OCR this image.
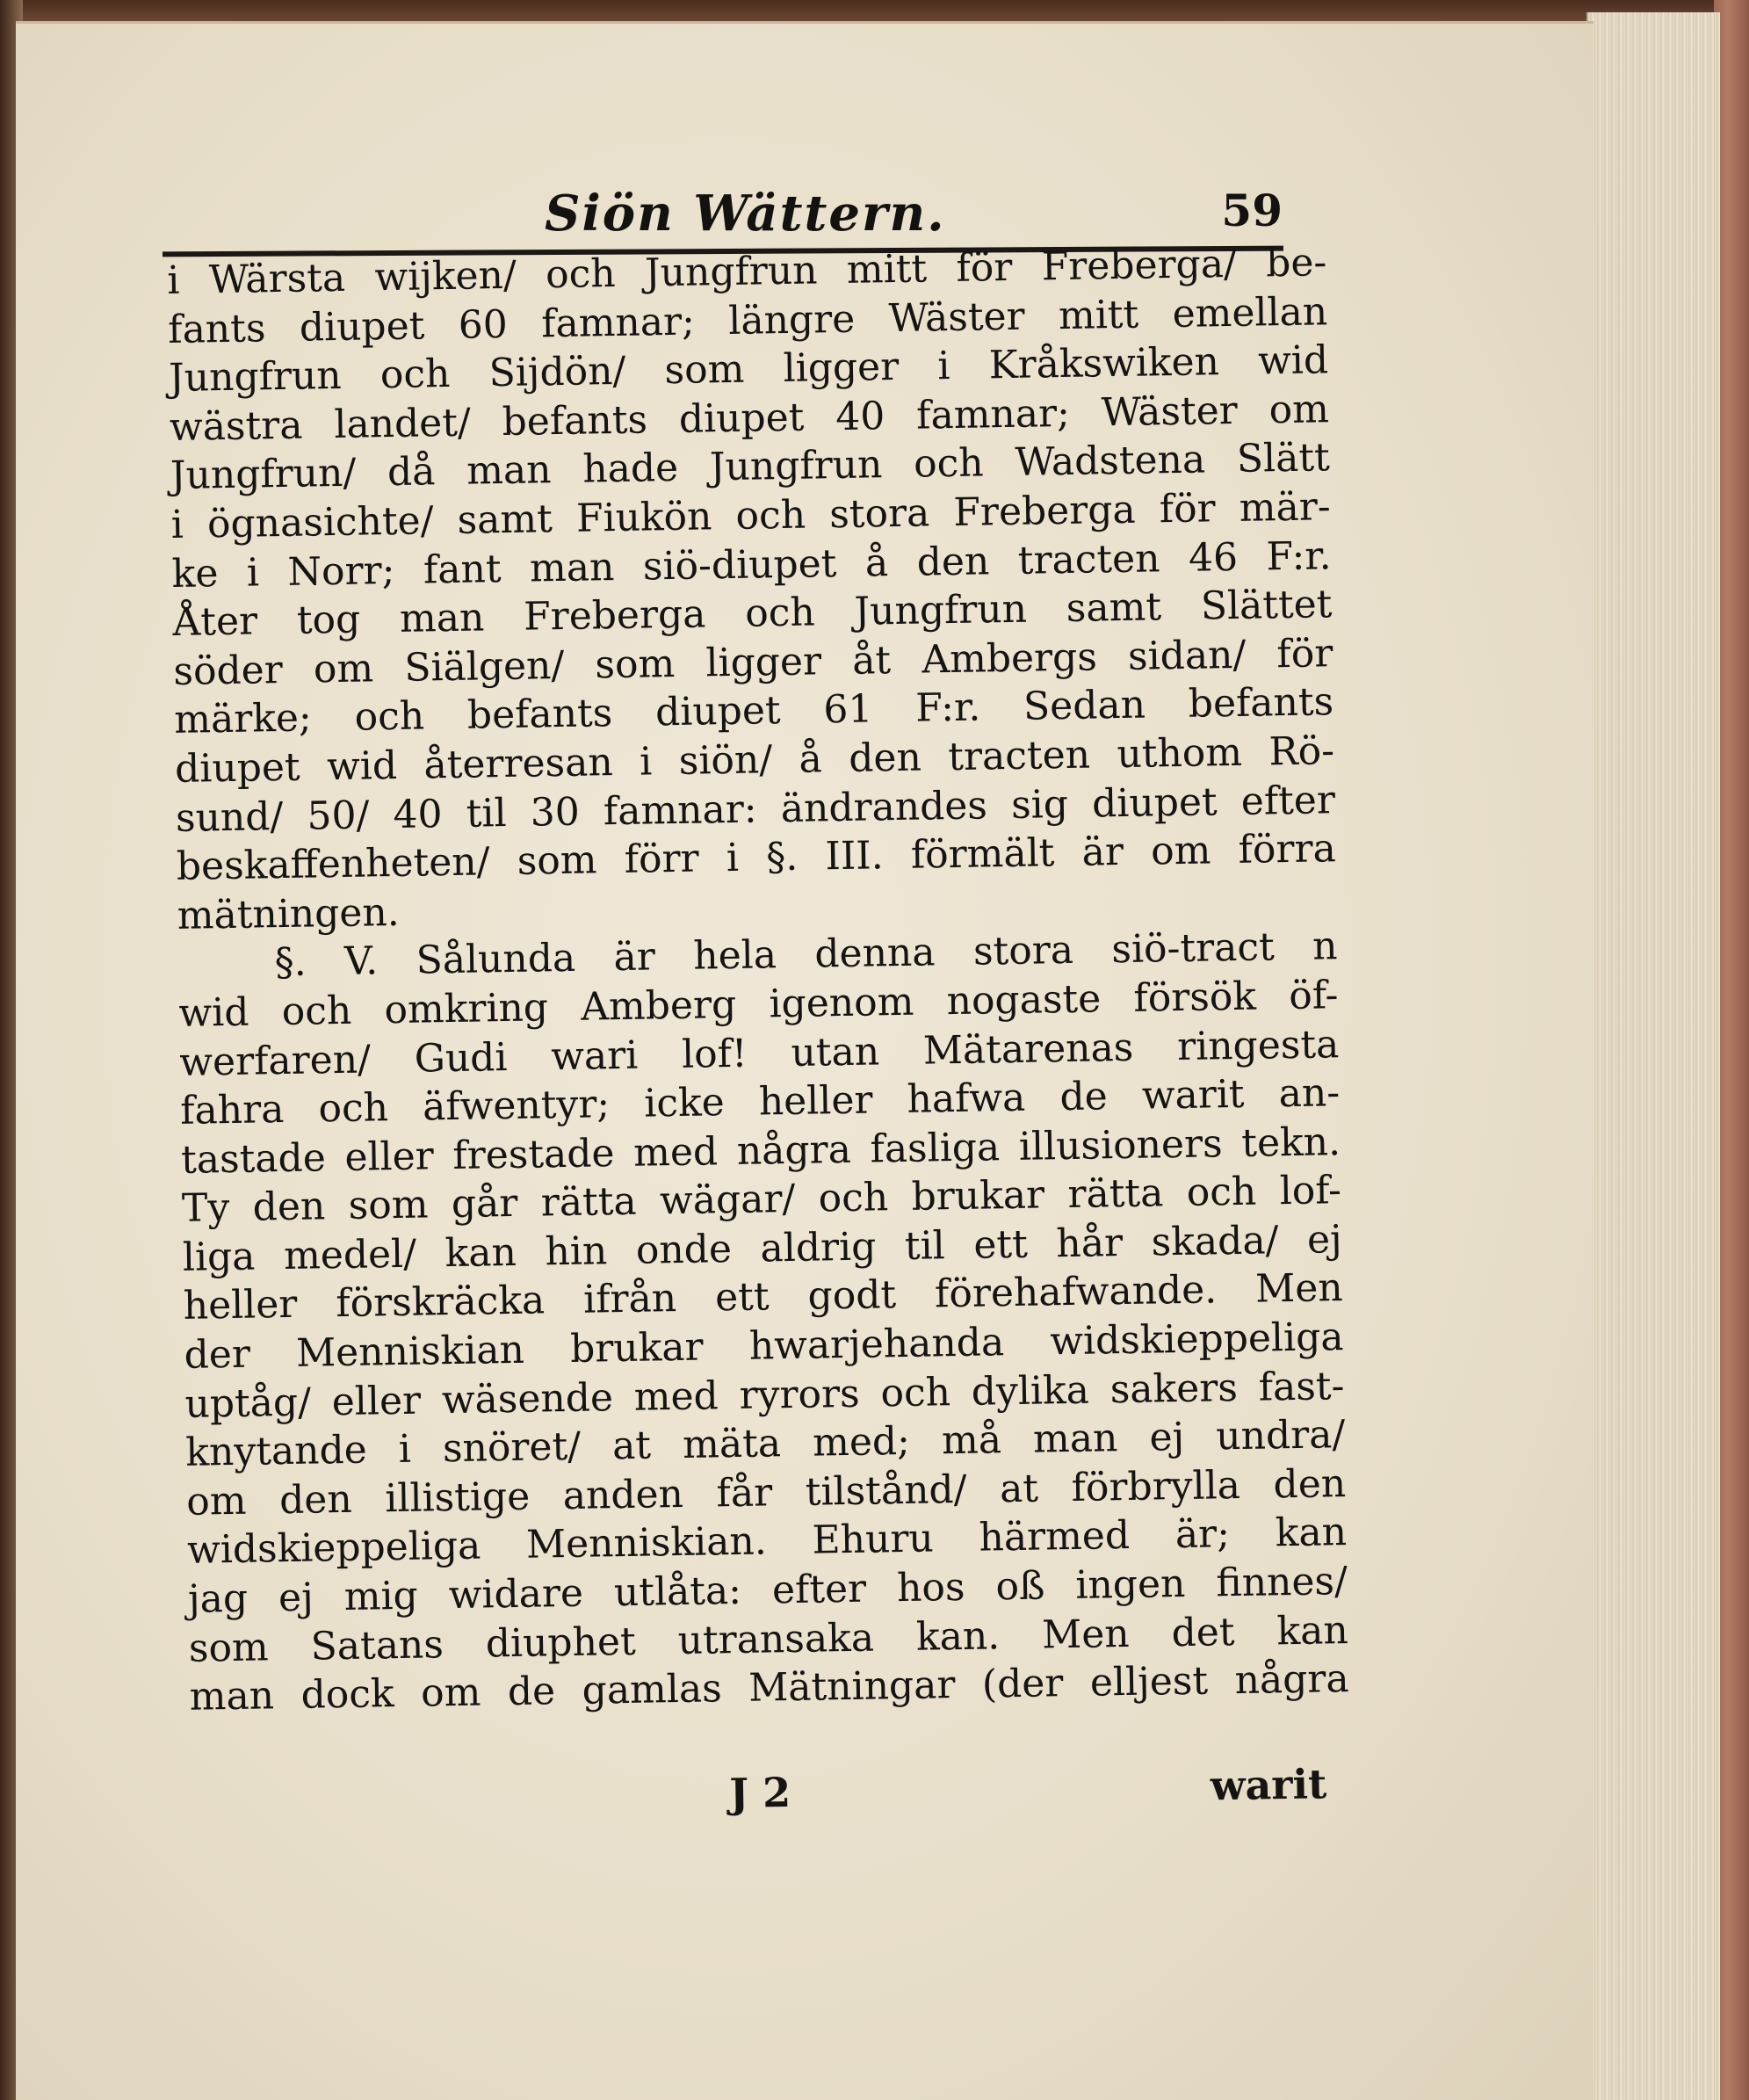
Siön Wättern.	59
i Wärsta wijken/ och Jungfrun mitt för Freberga/ be-
fants diupet 60 famnar; längre Wäster mitt emellan
Jungfrun och Sijdön/ som ligger i Kråkswiken wid
wästra landet/ befants diupet 40 famnar; Wäster om
Jungfrun/ då man hade Jungfrun och Wadstena Slätt
i ögnasichte/ samt Fiukön och stora Freberga för mär-
ke i Norr; fant man siö-diupet å den tracten 46 F:r.
Åter tog man Freberga och Jungfrun samt Slättet
söder om Siälgen/ som ligger åt Ambergs sidan/ för
märke; och befants diupet 61 F:r. Sedan befants
diupet wid återresan i siön/ å den tracten uthom Rö-
sund/ 50/ 40 til 30 famnar: ändrandes sig diupet efter
beskaffenheten/ som förr i §. III. förmält är om förra
mätningen.
§. V. Sålunda är hela denna stora siö-tract n
wid och omkring Amberg igenom nogaste försök öf-
werfaren/ Gudi wari lof! utan Mätarenas ringesta
fahra och äfwentyr; icke heller hafwa de warit an-
tastade eller frestade med några fasliga illusioners tekn.
Ty den som går rätta wägar/ och brukar rätta och lof-
liga medel/ kan hin onde aldrig til ett hår skada/ ej
heller förskräcka ifrån ett godt förehafwande. Men
der Menniskian brukar hwarjehanda widskieppeliga
uptåg/ eller wäsende med ryrors och dylika sakers fast-
knytande i snöret/ at mäta med; må man ej undra/
om den illistige anden får tilstånd/ at förbrylla den
widskieppeliga Menniskian. Ehuru härmed är; kan
jag ej mig widare utlåta: efter hos oß ingen finnes/
som Satans diuphet utransaka kan. Men det kan
man dock om de gamlas Mätningar (der elljest några
J 2	warit
